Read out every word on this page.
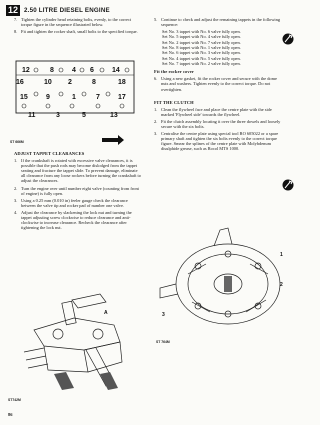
12 2.50 LITRE DIESEL ENGINE
7. Tighten the cylinder head retaining bolts, evenly, to the correct torque figure in the sequence illustrated below.
8. Fit and tighten the rocker shaft, small bolts to the specified torque.
12	8	4 6	14
16	10 2	8	18
15	9	1	7	17
11	3	5	13
ST 666M
ADJUST TAPPET CLEARANCES
1. If the crankshaft is rotated with excessive valve clearances, it is possible that the push rods may become dislodged from the tappet seating and fracture the tappet slide. To prevent damage, eliminate all clearance from any loose rockers before turning the crankshaft to adjust the clearances.
2. Turn the engine over until number eight valve (counting from front of engine) is fully open.
3. Using a 0.25 mm (0.010 in) feeler gauge check the clearance between the valve tip and rocker pad of number one valve.
4. Adjust the clearance by slackening the lock nut and turning the tappet adjusting screw clockwise to reduce clearance and anti-clockwise to increase clearance. Recheck the clearance after tightening the lock nut.
A
ST742M
5. Continue to check and adjust the remaining tappets in the following sequence:
Set No. 3 tappet with No. 6 valve fully open.
Set No. 5 tappet with No. 4 valve fully open.
Set No. 2 tappet with No. 7 valve fully open.
Set No. 8 tappet with No. 1 valve fully open.
Set No. 6 tappet with No. 3 valve fully open.
Set No. 4 tappet with No. 5 valve fully open.
Set No. 7 tappet with No. 2 valve fully open.
Fit the rocker cover
6. Using a new gasket, fit the rocker cover and secure with the dome nuts and washers. Tighten evenly to the correct torque. Do not overtighten.
FIT THE CLUTCH
1. Clean the flywheel face and place the centre plate with the side marked 'Flywheel side' towards the flywheel.
2. Fit the clutch assembly locating it over the three dowels and loosely secure with the six bolts.
3. Centralise the centre plate using special tool RO 605022 or a spare primary shaft and tighten the six bolts evenly to the correct torque figure. Smear the splines of the centre plate with Molybdenum disulphide grease, such as Rocol MTS 1000.
1
2
3
ST 764M
86
